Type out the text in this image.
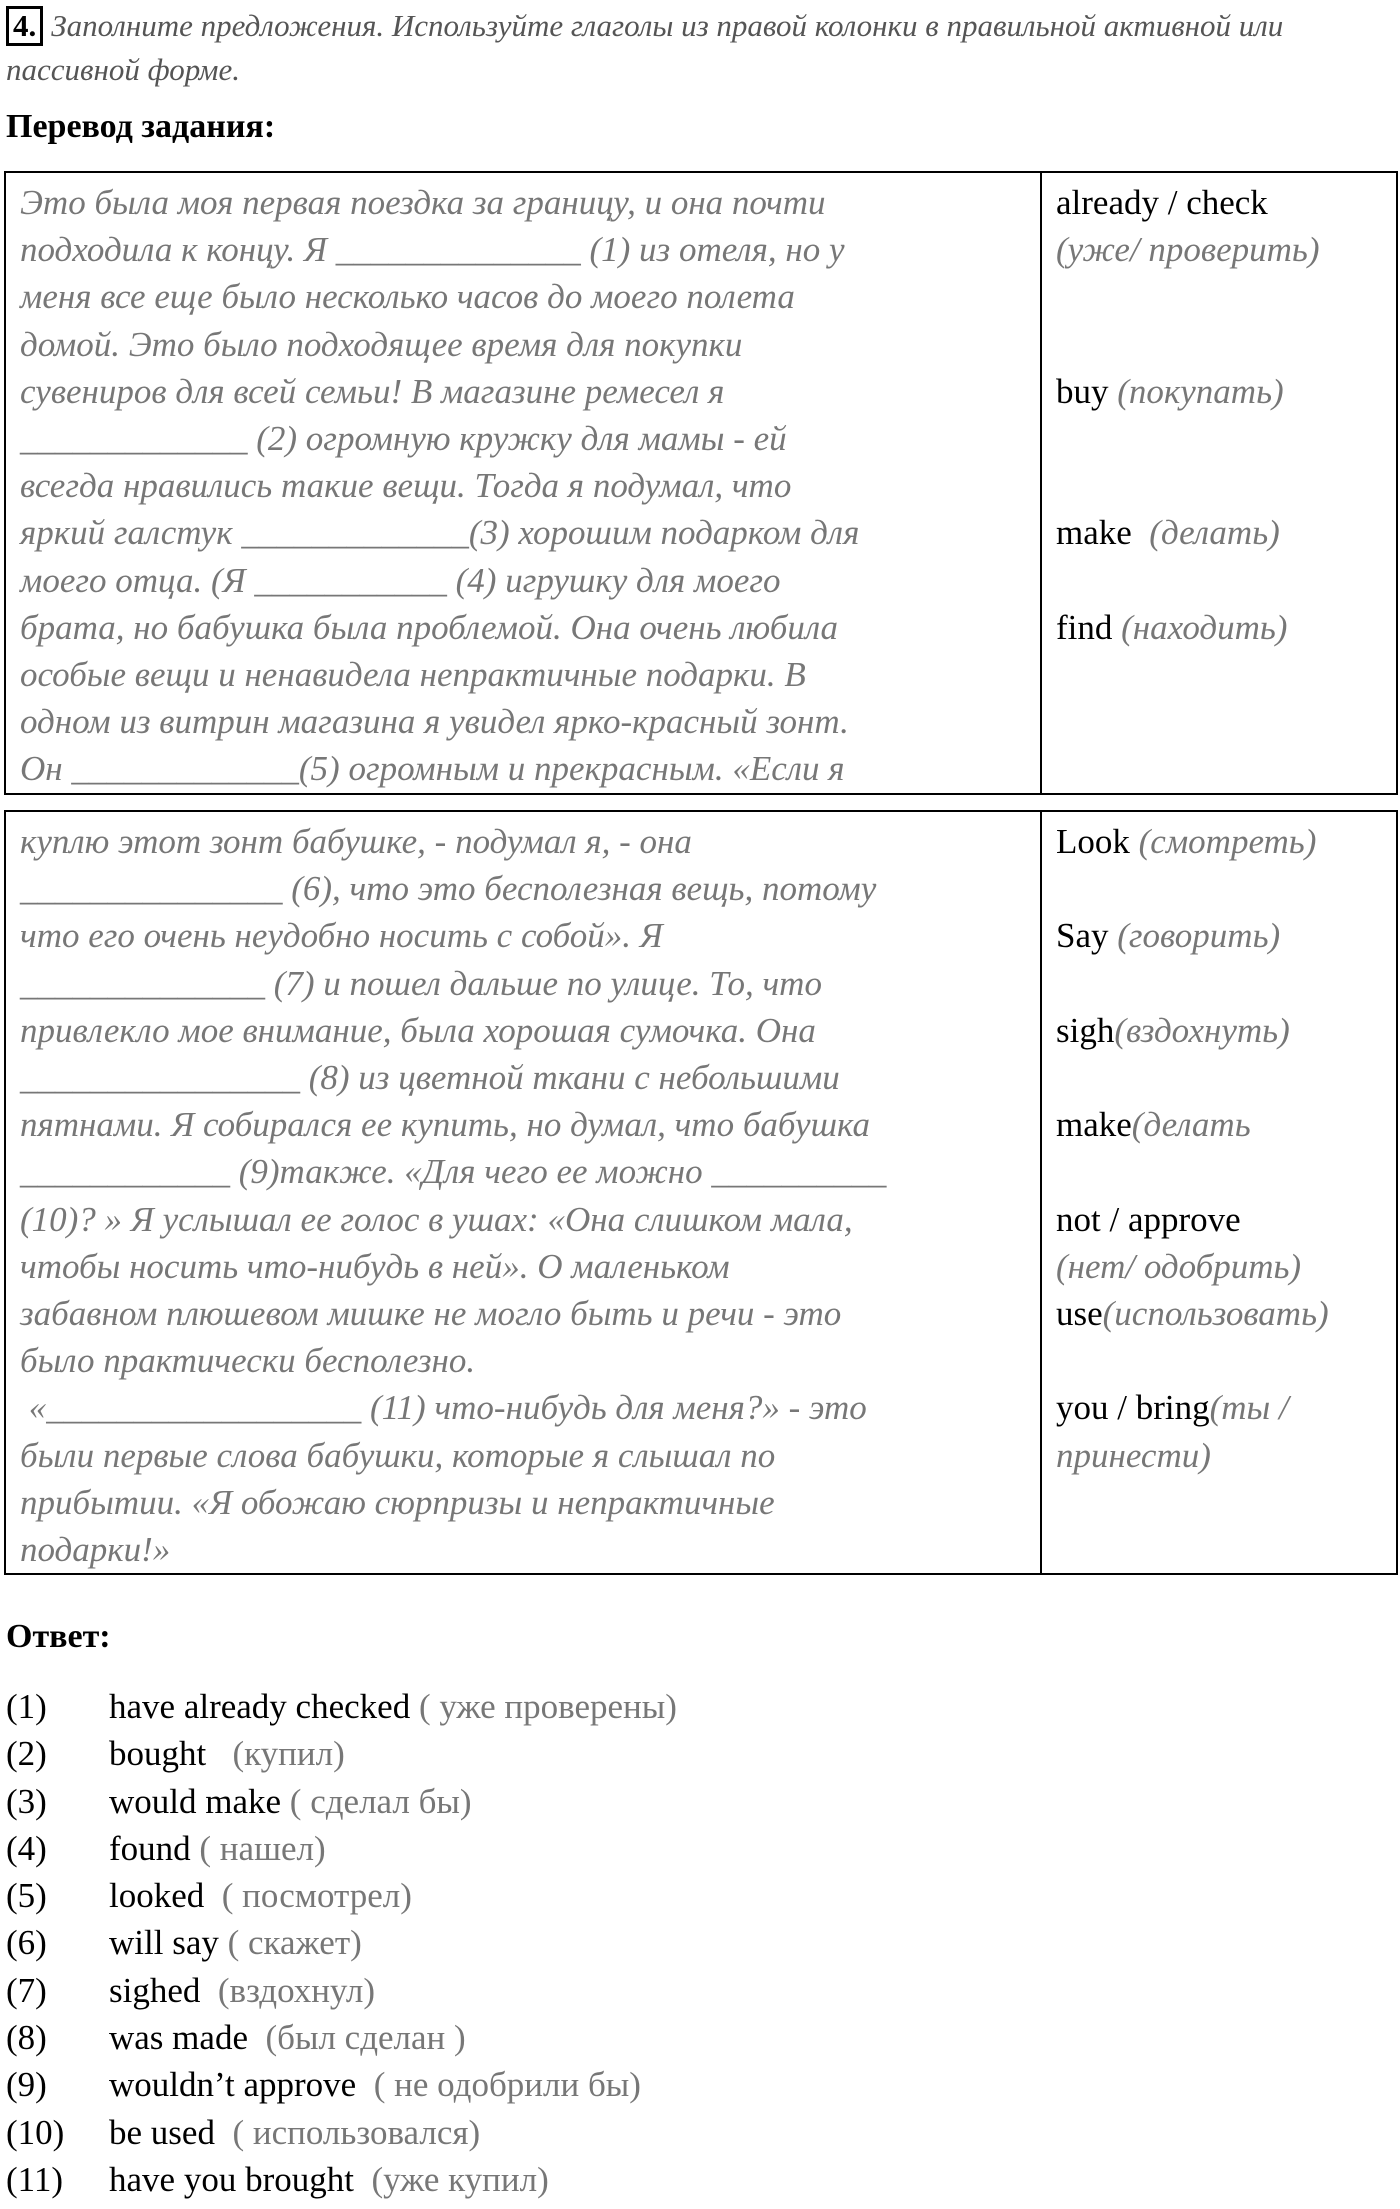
4. Заполните предложения. Используйте глаголы из правой колонки в правильной активной или пассивной форме.
Перевод задания:
Это была моя первая поездка за границу, и она почти
подходила к концу. Я ______________ (1) из отеля, но у
меня все еще было несколько часов до моего полета
домой. Это было подходящее время для покупки
сувениров для всей семьи! В магазине ремесел я
_____________ (2) огромную кружку для мамы - ей
всегда нравились такие вещи. Тогда я подумал, что
яркий галстук _____________(3) хорошим подарком для
моего отца. (Я ___________ (4) игрушку для моего
брата, но бабушка была проблемой. Она очень любила
особые вещи и ненавидела непрактичные подарки. В
одном из витрин магазина я увидел ярко-красный зонт.
Он _____________(5) огромным и прекрасным. «Если я

already / check
(уже/ проверить)
buy (покупать)
make  (делать)
find (находить)
куплю этот зонт бабушке, - подумал я, - она
_______________ (6), что это бесполезная вещь, потому
что его очень неудобно носить с собой». Я
______________ (7) и пошел дальше по улице. То, что
привлекло мое внимание, была хорошая сумочка. Она
________________ (8) из цветной ткани с небольшими
пятнами. Я собирался ее купить, но думал, что бабушка
____________ (9)также. «Для чего ее можно __________
(10)? » Я услышал ее голос в ушах: «Она слишком мала,
чтобы носить что-нибудь в ней». О маленьком
забавном плюшевом мишке не могло быть и речи - это
было практически бесполезно.
«__________________ (11) что-нибудь для меня?» - это
были первые слова бабушки, которые я слышал по
прибытии. «Я обожаю сюрпризы и непрактичные
подарки!»

Look (смотреть)
Say (говорить)
sigh(вздохнуть)
make(делать
not / approve
(нет/ одобрить)
use(использовать)
you / bring(ты /
принести)
Ответ:
(1)	have already checked ( уже проверены)
(2)	bought (купил)
(3)	would make ( сделал бы)
(4)	found ( нашел)
(5)	looked ( посмотрел)
(6)	will say ( скажет)
(7)	sighed (вздохнул)
(8)	was made (был сделан )
(9)	wouldn’t approve ( не одобрили бы)
(10)	be used ( использовался)
(11)	have you brought (уже купил)
